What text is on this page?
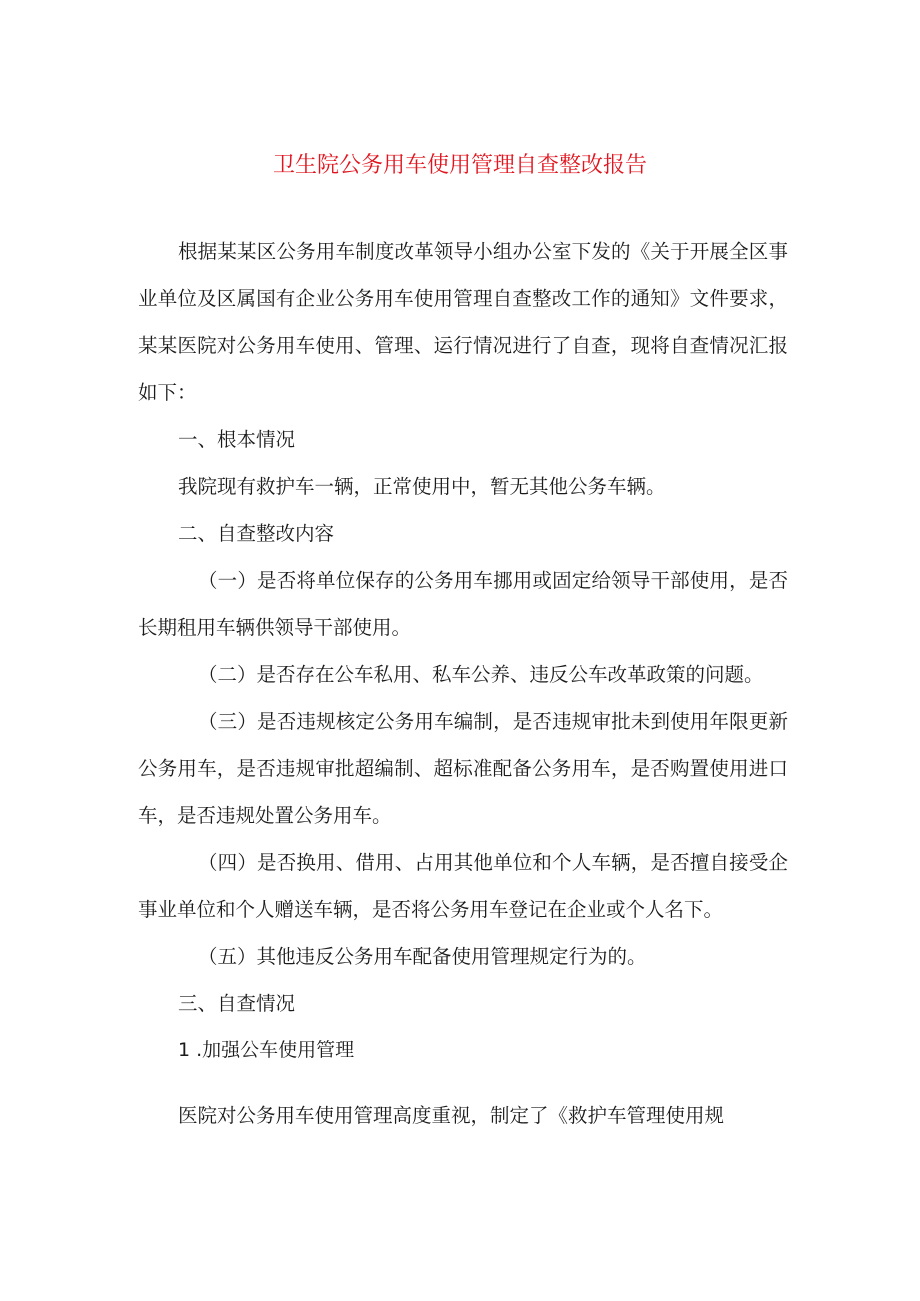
卫生院公务用车使用管理自查整改报告

根据某某区公务用车制度改革领导小组办公室下发的《关于开展全区事业单位及区属国有企业公务用车使用管理自查整改工作的通知》文件要求，某某医院对公务用车使用、管理、运行情况进行了自查，现将自查情况汇报如下：

一、根本情况

我院现有救护车一辆，正常使用中，暂无其他公务车辆。

二、自查整改内容

（一）是否将单位保存的公务用车挪用或固定给领导干部使用，是否长期租用车辆供领导干部使用。

（二）是否存在公车私用、私车公养、违反公车改革政策的问题。

（三）是否违规核定公务用车编制，是否违规审批未到使用年限更新公务用车，是否违规审批超编制、超标准配备公务用车，是否购置使用进口车，是否违规处置公务用车。

（四）是否换用、借用、占用其他单位和个人车辆，是否擅自接受企事业单位和个人赠送车辆，是否将公务用车登记在企业或个人名下。

（五）其他违反公务用车配备使用管理规定行为的。

三、自查情况

1 .加强公车使用管理

医院对公务用车使用管理高度重视，制定了《救护车管理使用规
